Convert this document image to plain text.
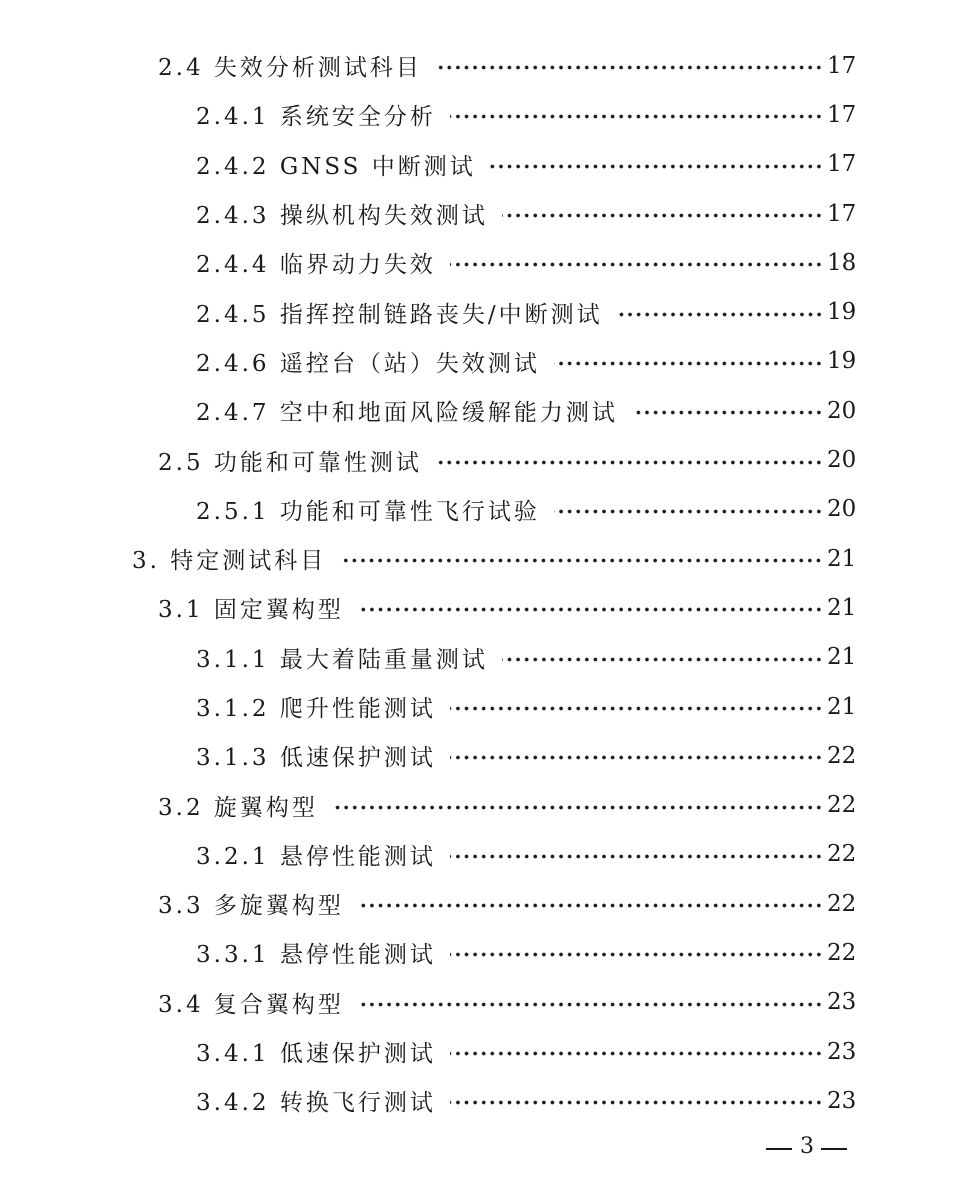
2.4 失效分析测试科目	17
2.4.1 系统安全分析	17
2.4.2 GNSS 中断测试	17
2.4.3 操纵机构失效测试	17
2.4.4 临界动力失效	18
2.4.5 指挥控制链路丧失/中断测试	19
2.4.6 遥控台（站）失效测试	19
2.4.7 空中和地面风险缓解能力测试	20
2.5 功能和可靠性测试	20
2.5.1 功能和可靠性飞行试验	20
3. 特定测试科目	21
3.1 固定翼构型	21
3.1.1 最大着陆重量测试	21
3.1.2 爬升性能测试	21
3.1.3 低速保护测试	22
3.2 旋翼构型	22
3.2.1 悬停性能测试	22
3.3 多旋翼构型	22
3.3.1 悬停性能测试	22
3.4 复合翼构型	23
3.4.1 低速保护测试	23
3.4.2 转换飞行测试	23
3
